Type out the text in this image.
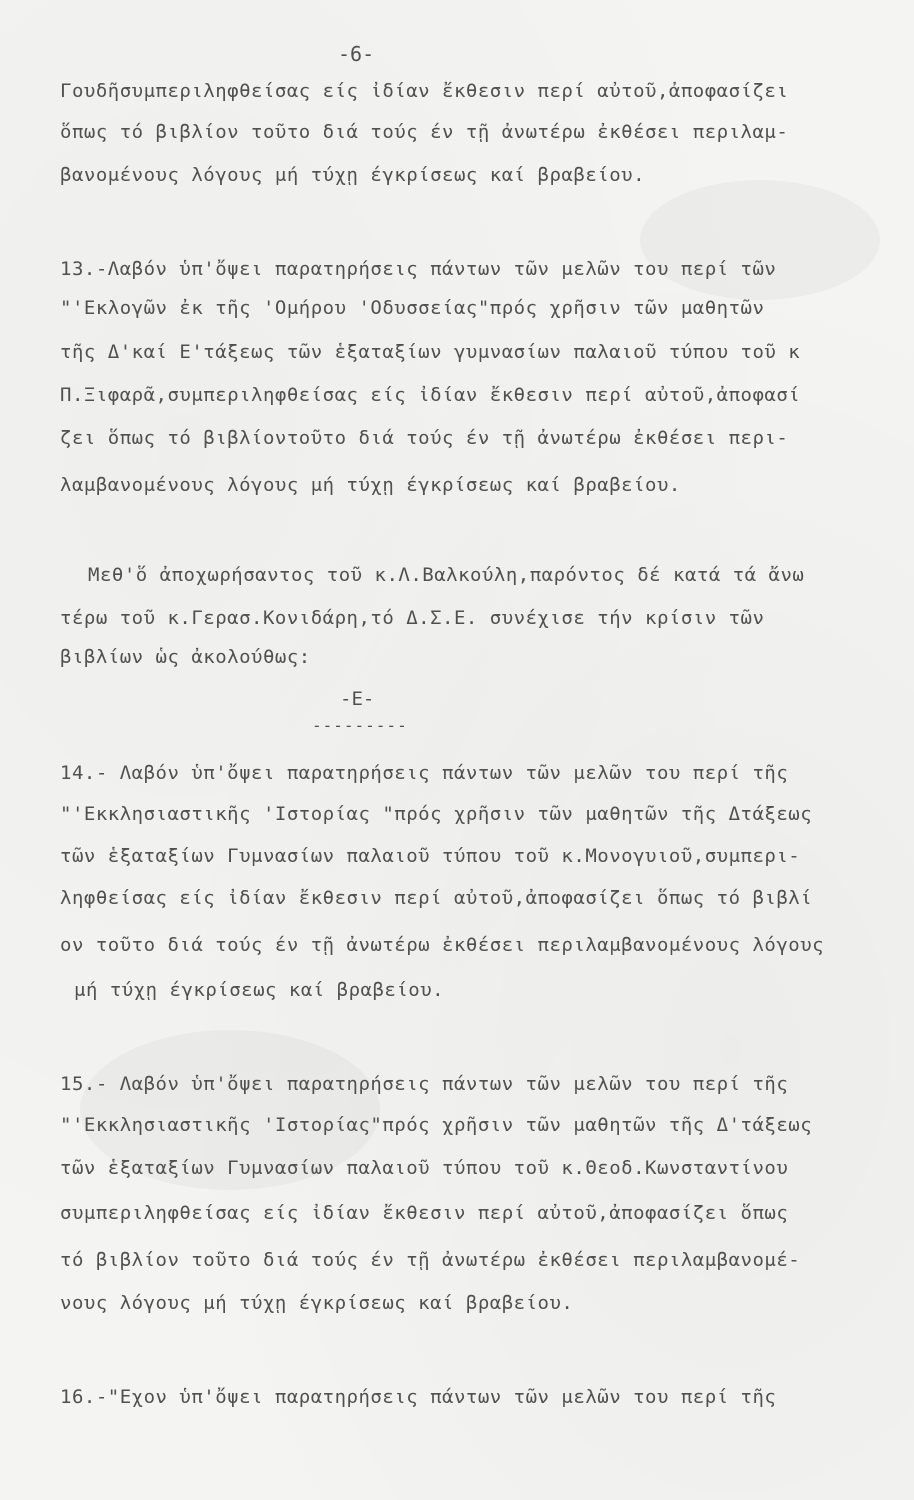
-6-
Γουδῆσυμπεριληφθείσας είς ἰδίαν ἔκθεσιν περί αὐτοῦ,ἀποφασίζει
ὅπως τό βιβλίον τοῦτο διά τούς έν τῇ ἀνωτέρω ἐκθέσει περιλαμ-
βανομένους λόγους μή τύχῃ έγκρίσεως καί βραβείου.
13.-Λαβόν ὑπ'ὄψει παρατηρήσεις πάντων τῶν μελῶν του περί τῶν
"'Εκλογῶν ἐκ τῆς 'Ομήρου 'Οδυσσείας"πρός χρῆσιν τῶν μαθητῶν
τῆς Δ'καί Ε'τάξεως τῶν ἑξαταξίων γυμνασίων παλαιοῦ τύπου τοῦ κ
Π.Ξιφαρᾶ,συμπεριληφθείσας είς ἰδίαν ἔκθεσιν περί αὐτοῦ,ἀποφασί
ζει ὅπως τό βιβλίοντοῦτο διά τούς έν τῇ ἀνωτέρω ἐκθέσει περι-
λαμβανομένους λόγους μή τύχῃ έγκρίσεως καί βραβείου.
Μεθ'ὅ ἀποχωρήσαντος τοῦ κ.Λ.Βαλκούλη,παρόντος δέ κατά τά ἄνω
τέρω τοῦ κ.Γερασ.Κονιδάρη,τό Δ.Σ.Ε. συνέχισε τήν κρίσιν τῶν
βιβλίων ὡς ἀκολούθως:
-E-
---------
14.- Λαβόν ὑπ'ὄψει παρατηρήσεις πάντων τῶν μελῶν του περί τῆς
"'Εκκλησιαστικῆς 'Ιστορίας "πρός χρῆσιν τῶν μαθητῶν τῆς Δτάξεως
τῶν ἑξαταξίων Γυμνασίων παλαιοῦ τύπου τοῦ κ.Μονογυιοῦ,συμπερι-
ληφθείσας είς ἰδίαν ἔκθεσιν περί αὐτοῦ,ἀποφασίζει ὅπως τό βιβλί
ον τοῦτο διά τούς έν τῇ ἀνωτέρω ἐκθέσει περιλαμβανομένους λόγους
μή τύχῃ έγκρίσεως καί βραβείου.
15.- Λαβόν ὑπ'ὄψει παρατηρήσεις πάντων τῶν μελῶν του περί τῆς
"'Εκκλησιαστικῆς 'Ιστορίας"πρός χρῆσιν τῶν μαθητῶν τῆς Δ'τάξεως
τῶν ἑξαταξίων Γυμνασίων παλαιοῦ τύπου τοῦ κ.Θεοδ.Κωνσταντίνου
συμπεριληφθείσας είς ἰδίαν ἔκθεσιν περί αὐτοῦ,ἀποφασίζει ὅπως
τό βιβλίον τοῦτο διά τούς έν τῇ ἀνωτέρω ἐκθέσει περιλαμβανομέ-
νους λόγους μή τύχῃ έγκρίσεως καί βραβείου.
16.-"Εχον ὑπ'ὄψει παρατηρήσεις πάντων τῶν μελῶν του περί τῆς
